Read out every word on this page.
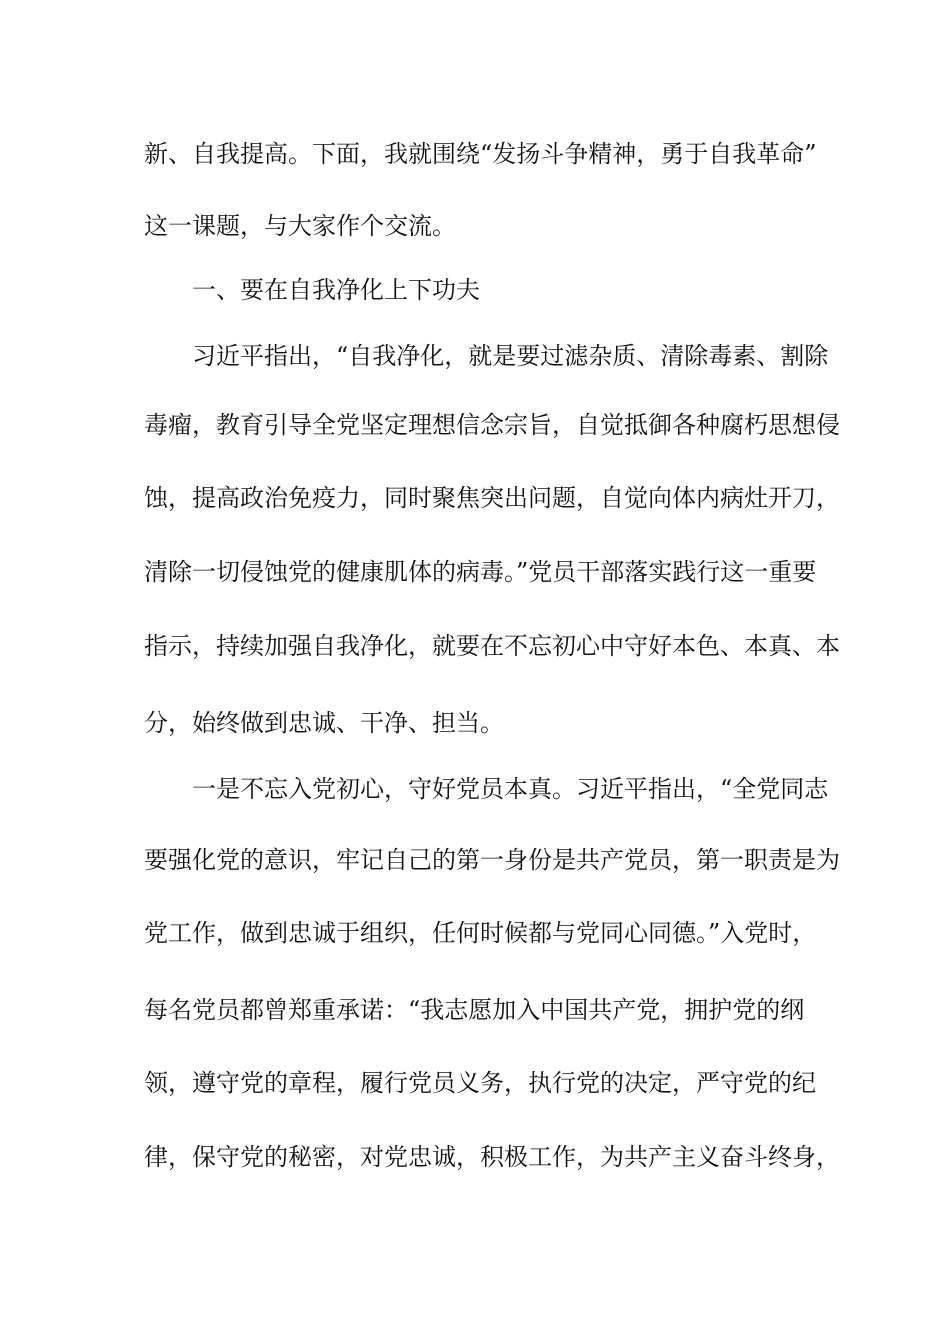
新、自我提高。下面，我就围绕“发扬斗争精神，勇于自我革命”
这一课题，与大家作个交流。
一、要在自我净化上下功夫
习近平指出，“自我净化，就是要过滤杂质、清除毒素、割除
毒瘤，教育引导全党坚定理想信念宗旨，自觉抵御各种腐朽思想侵
蚀，提高政治免疫力，同时聚焦突出问题，自觉向体内病灶开刀，
清除一切侵蚀党的健康肌体的病毒。”党员干部落实践行这一重要
指示，持续加强自我净化，就要在不忘初心中守好本色、本真、本
分，始终做到忠诚、干净、担当。
一是不忘入党初心，守好党员本真。习近平指出，“全党同志
要强化党的意识，牢记自己的第一身份是共产党员，第一职责是为
党工作，做到忠诚于组织，任何时候都与党同心同德。”入党时，
每名党员都曾郑重承诺：“我志愿加入中国共产党，拥护党的纲
领，遵守党的章程，履行党员义务，执行党的决定，严守党的纪
律，保守党的秘密，对党忠诚，积极工作，为共产主义奋斗终身，
